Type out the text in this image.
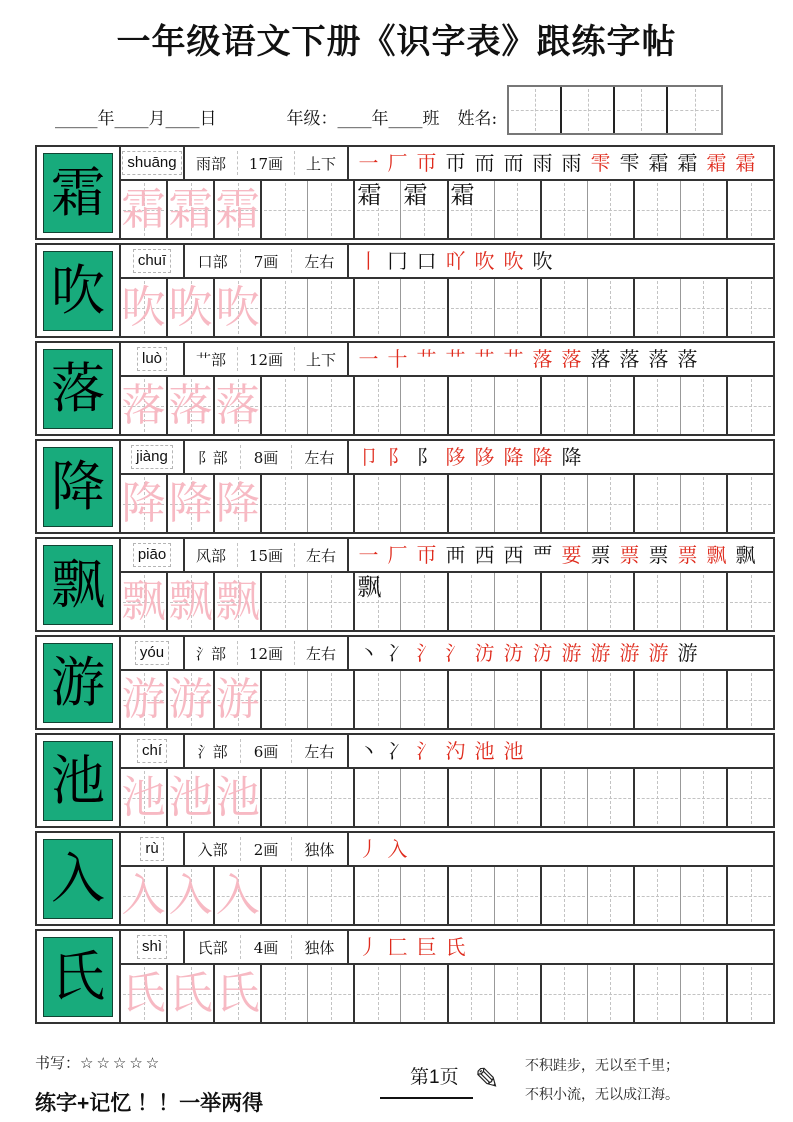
一年级语文下册《识字表》跟练字帖
_____年____月____日	年级：____年____班 姓名:
霜	shuāng	雨部 17画 上下 一 厂 帀 帀 而 而 雨 雨 雫 雫 霜 霜 霜 霜
霜 霜 霜	霜 霜 霜
吹	chuī	口部 7画 左右 丨 冂 口 吖 吹 吹 吹
吹 吹 吹
落	luò	艹部 12画 上下 一 十 艹 艹 艹 艹 落 落 落 落 落 落
落 落 落
降	jiàng	阝部 8画 左右 卩 阝 阝 陊 陊 降 降 降
降 降 降
飘	piāo	风部 15画 左右 一 厂 帀 襾 西 西 覀 要 票 票 票 票 飘 飘
飘 飘 飘	飘
游	yóu	氵部 12画 左右 丶 冫 氵 氵 汸 汸 汸 游 游 游 游 游
游 游 游
池	chí	氵部 6画 左右 丶 冫 氵 汋 池 池
池 池 池
入	rù	入部 2画 独体 丿 入
入 入 入
氏	shì	氏部 4画 独体 丿 匚 巨 氏
氏 氏 氏
书写：☆☆☆☆☆
练字+记忆 ！！一举两得
第1页 ✎ 不积跬步，无以至千里；
不积小流，无以成江海。
